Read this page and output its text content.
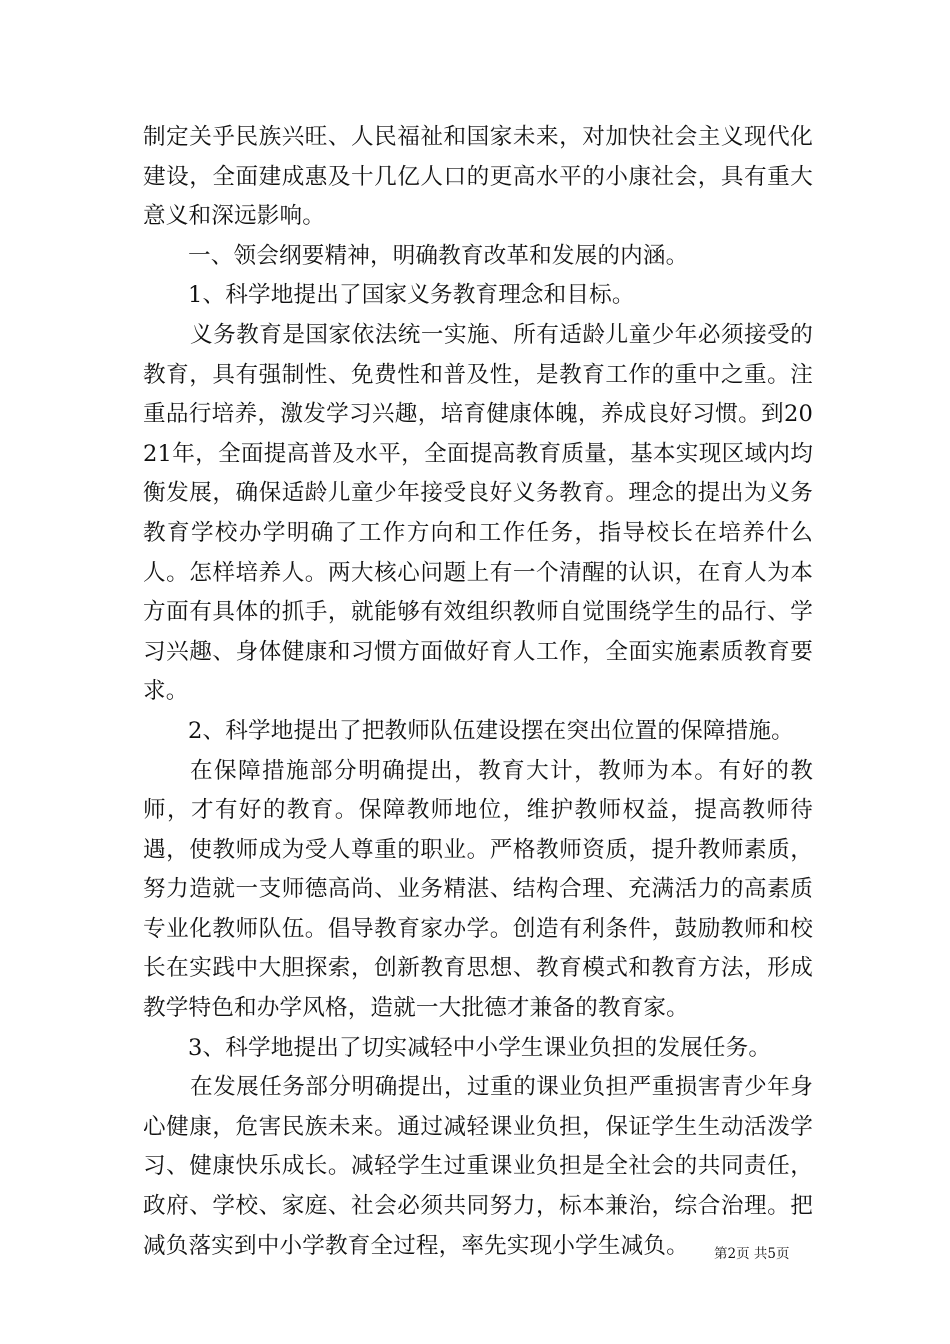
制定关乎民族兴旺、人民福祉和国家未来，对加快社会主义现代化建设，全面建成惠及十几亿人口的更高水平的小康社会，具有重大意义和深远影响。

一、领会纲要精神，明确教育改革和发展的内涵。

1、科学地提出了国家义务教育理念和目标。

义务教育是国家依法统一实施、所有适龄儿童少年必须接受的教育，具有强制性、免费性和普及性，是教育工作的重中之重。注重品行培养，激发学习兴趣，培育健康体魄，养成良好习惯。到2021年，全面提高普及水平，全面提高教育质量，基本实现区域内均衡发展，确保适龄儿童少年接受良好义务教育。理念的提出为义务教育学校办学明确了工作方向和工作任务，指导校长在培养什么人。怎样培养人。两大核心问题上有一个清醒的认识，在育人为本方面有具体的抓手，就能够有效组织教师自觉围绕学生的品行、学习兴趣、身体健康和习惯方面做好育人工作，全面实施素质教育要求。

2、科学地提出了把教师队伍建设摆在突出位置的保障措施。

在保障措施部分明确提出，教育大计，教师为本。有好的教师，才有好的教育。保障教师地位，维护教师权益，提高教师待遇，使教师成为受人尊重的职业。严格教师资质，提升教师素质，努力造就一支师德高尚、业务精湛、结构合理、充满活力的高素质专业化教师队伍。倡导教育家办学。创造有利条件，鼓励教师和校长在实践中大胆探索，创新教育思想、教育模式和教育方法，形成教学特色和办学风格，造就一大批德才兼备的教育家。

3、科学地提出了切实减轻中小学生课业负担的发展任务。

在发展任务部分明确提出，过重的课业负担严重损害青少年身心健康，危害民族未来。通过减轻课业负担，保证学生生动活泼学习、健康快乐成长。减轻学生过重课业负担是全社会的共同责任，政府、学校、家庭、社会必须共同努力，标本兼治，综合治理。把减负落实到中小学教育全过程，率先实现小学生减负。	第2页 共5页
